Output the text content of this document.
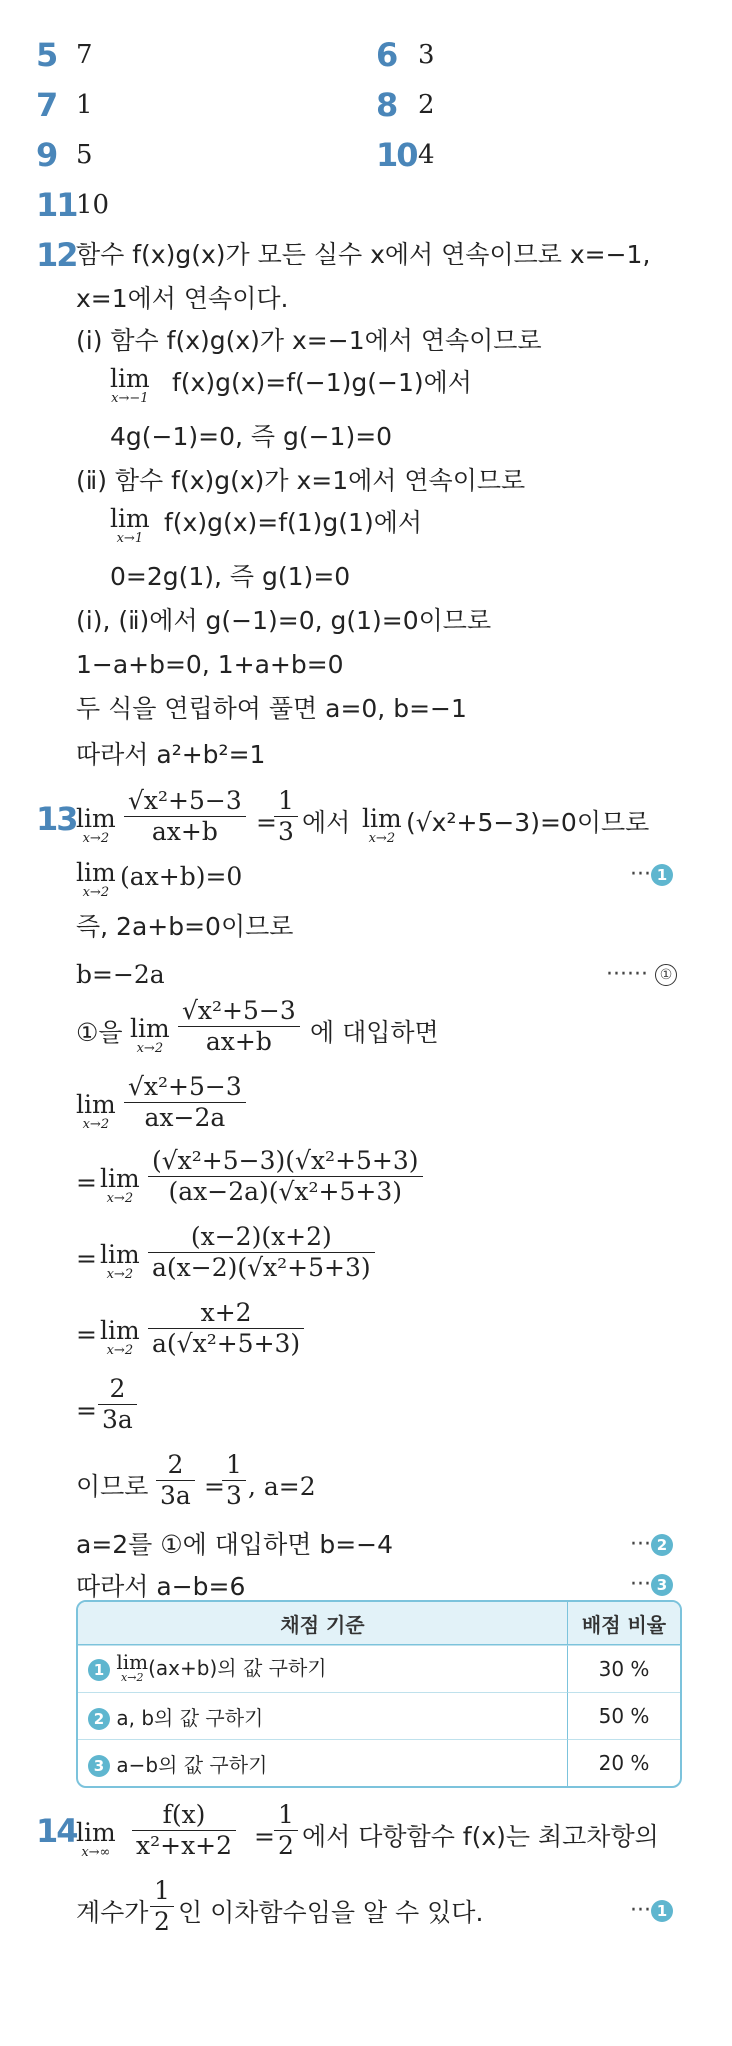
5 7	6 3
7 1	8 2
9 5	10 4
11 10
12 함수 f(x)g(x)가 모든 실수 x에서 연속이므로 x=−1,
x=1에서 연속이다.
(ⅰ) 함수 f(x)g(x)가 x=−1에서 연속이므로
lim
x→−1
f(x)g(x)=f(−1)g(−1)에서
4g(−1)=0, 즉 g(−1)=0
(ⅱ) 함수 f(x)g(x)가 x=1에서 연속이므로
lim
x→1
f(x)g(x)=f(1)g(1)에서
0=2g(1), 즉 g(1)=0
(ⅰ), (ⅱ)에서 g(−1)=0, g(1)=0이므로
1−a+b=0, 1+a+b=0
두 식을 연립하여 풀면 a=0, b=−1
따라서 a²+b²=1
13 lim
$x\to 2 \frac{\text{√x²+5−3}}{ax+b}$ =
$\frac{1}{3}$ 에서 lim
x→2
(√x²+5−3)=0이므로
lim
x→2
(ax+b)=0	··· 1
즉, 2a+b=0이므로
b=−2a	······ ①
①을 lim
$x\to 2 \frac{\text{√x²+5−3}}{ax+b}$ 에 대입하면
lim
$x\to 2 \frac{\text{√x²+5−3}}{ax-2a}$
= lim
$x\to 2 \frac{\text{(√x²+5−3)(√x²+5+3)}}{\text{(ax−2a)(√x²+5+3)}}$
= lim
$x\to 2 \frac{(x-2)(x+2)}{\text{a(x−2)(√x²+5+3)}}$
= lim
$x\to 2 \frac{x+2}{\text{a(√x²+5+3)}}$
= $\frac{2}{3a}$
이므로 $\frac{2}{3a}$ =
$\frac{1}{3}$ , a=2
a=2를 ①에 대입하면 b=−4	··· 2
따라서 a−b=6	··· 3
채점 기준	배점 비율
1 lim
x→2 (ax+b)의 값 구하기	30 %
2 a, b의 값 구하기	50 %
3 a−b의 값 구하기	20 %
14 lim
$x\to\infty \frac{f(x)}{\text{x²+x+2}} = \frac{1}{2}$ 에서 다항함수 f(x)는 최고차항의
계수가 $\frac{1}{2}$ 인 이차함수임을 알 수 있다.	··· 1
